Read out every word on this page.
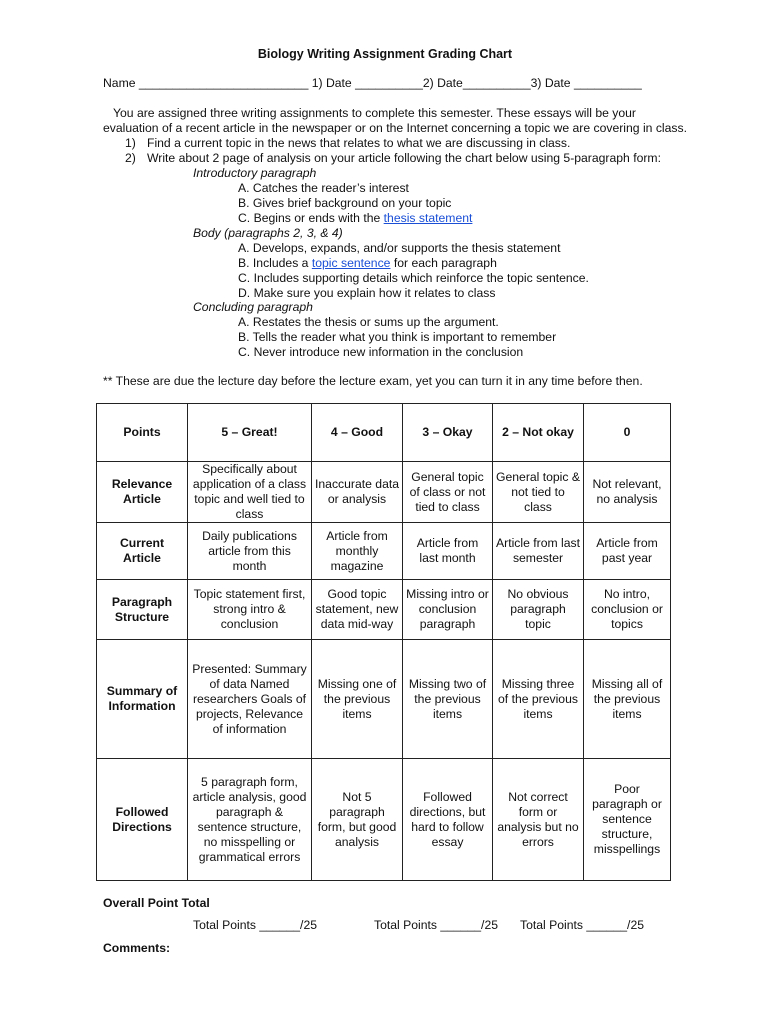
Biology Writing Assignment Grading Chart
Name _________________________ 1) Date __________2) Date__________3) Date __________
You are assigned three writing assignments to complete this semester. These essays will be your
evaluation of a recent article in the newspaper or on the Internet concerning a topic we are covering in class.
1) Find a current topic in the news that relates to what we are discussing in class.
2) Write about 2 page of analysis on your article following the chart below using 5-paragraph form:
Introductory paragraph
A. Catches the reader’s interest
B. Gives brief background on your topic
C. Begins or ends with the thesis statement
Body (paragraphs 2, 3, & 4)
A. Develops, expands, and/or supports the thesis statement
B. Includes a topic sentence for each paragraph
C. Includes supporting details which reinforce the topic sentence.
D. Make sure you explain how it relates to class
Concluding paragraph
A. Restates the thesis or sums up the argument.
B. Tells the reader what you think is important to remember
C. Never introduce new information in the conclusion
** These are due the lecture day before the lecture exam, yet you can turn it in any time before then.
Points	5 – Great!	4 – Good	3 – Okay	2 – Not okay	0
Relevance Article	Specifically about application of a class topic and well tied to class	Inaccurate data or analysis	General topic of class or not tied to class	General topic & not tied to class	Not relevant, no analysis
Current Article	Daily publications article from this month	Article from monthly magazine	Article from last month	Article from last semester	Article from past year
Paragraph Structure	Topic statement first, strong intro & conclusion	Good topic statement, new data mid-way	Missing intro or conclusion paragraph	No obvious paragraph topic	No intro, conclusion or topics
Summary of Information	Presented: Summary of data Named researchers Goals of projects, Relevance of information	Missing one of the previous items	Missing two of the previous items	Missing three of the previous items	Missing all of the previous items
Followed Directions	5 paragraph form, article analysis, good paragraph & sentence structure, no misspelling or grammatical errors	Not 5 paragraph form, but good analysis	Followed directions, but hard to follow essay	Not correct form or analysis but no errors	Poor paragraph or sentence structure, misspellings
Overall Point Total
Total Points ______/25	Total Points ______/25 Total Points ______/25
Comments:
